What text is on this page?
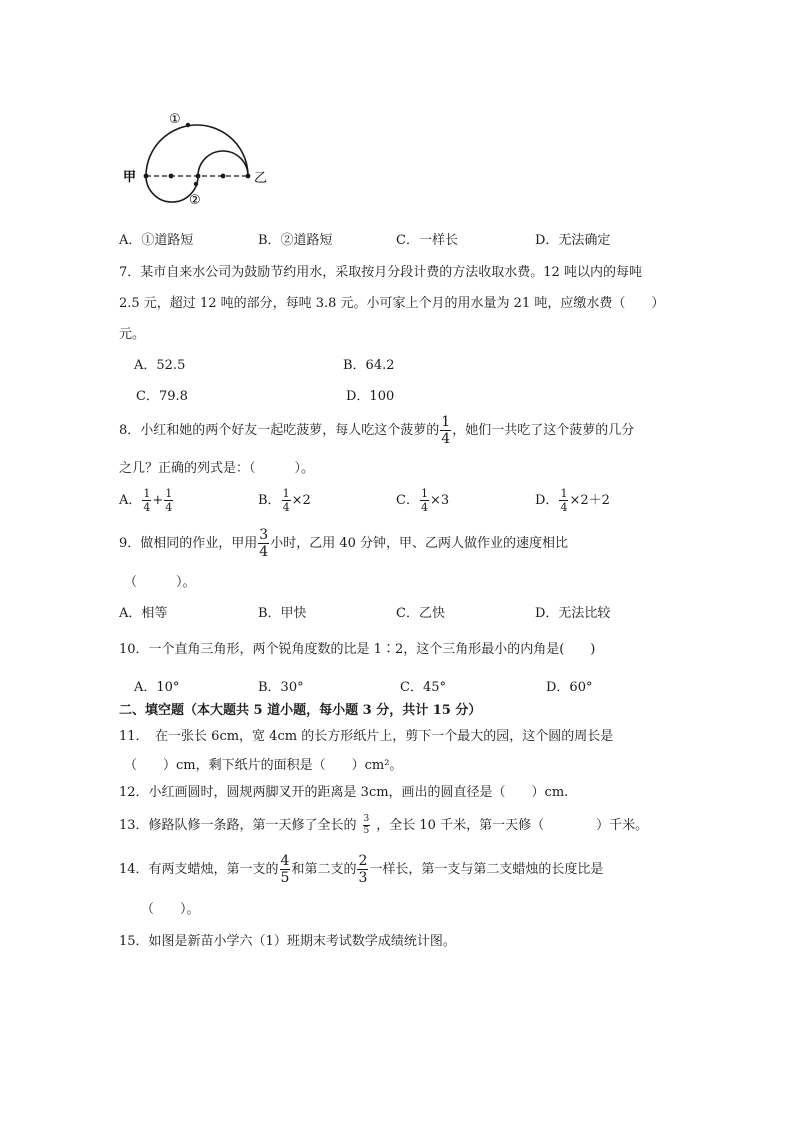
甲	乙
①
②
A．①道路短	B．②道路短	C．一样长	D．无法确定
7．某市自来水公司为鼓励节约用水，采取按月分段计费的方法收取水费。12 吨以内的每吨
2.5 元，超过 12 吨的部分，每吨 3.8 元。小可家上个月的用水量为 21 吨，应缴水费（　　）
元。
A．52.5	B．64.2
C．79.8	D．100
8．小红和她的两个好友一起吃菠萝，每人吃这个菠萝的 $\frac{1}{4}$ ，她们一共吃了这个菠萝的几分
之几？正确的列式是：（　　　）。
A． $\frac{1}{4} + \frac{1}{4}$	B． $\frac{1}{4} \times 2$	C． $\frac{1}{4} \times 3$	D． $\frac{1}{4} \times 2+2$
9．做相同的作业，甲用 $\frac{3}{4}$ 小时，乙用 40 分钟，甲、乙两人做作业的速度相比
（　　　）。
A．相等	B．甲快	C．乙快	D．无法比较
10．一个直角三角形，两个锐角度数的比是 1∶2，这个三角形最小的内角是(　　)
A．10°	B．30°	C．45°	D．60°
二、填空题（本大题共 5 道小题，每小题 3 分，共计 15 分）
11．　在一张长 6cm，宽 4cm 的长方形纸片上，剪下一个最大的园，这个圆的周长是
（　　）cm，剩下纸片的面积是（　　）cm²。
12．小红画圆时，圆规两脚叉开的距离是 3cm，画出的圆直径是（　　）cm.
13．修路队修一条路，第一天修了全长的 $\frac{3}{5}$ ，全长 10 千米，第一天修（　　　　）千米。
14．有两支蜡烛，第一支的 $\frac{4}{5}$ 和第二支的 $\frac{2}{3}$ 一样长，第一支与第二支蜡烛的长度比是
（　　）。
15．如图是新苗小学六（1）班期末考试数学成绩统计图。
